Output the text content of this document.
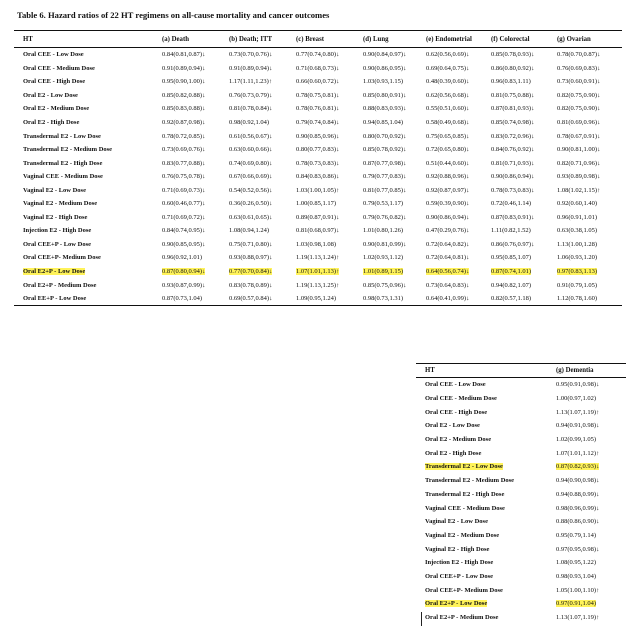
Table 6. Hazard ratios of 22 HT regimens on all-cause mortality and cancer outcomes
HT	(a) Death	(b) Death; ITT	(c) Breast	(d) Lung	(e) Endometrial	(f) Colorectal	(g) Ovarian
Oral CEE - Low Dose	0.84(0.81,0.87)↓	0.73(0.70,0.76)↓	0.77(0.74,0.80)↓	0.90(0.84,0.97)↓	0.62(0.56,0.69)↓	0.85(0.78,0.93)↓	0.78(0.70,0.87)↓
Oral CEE - Medium Dose	0.91(0.89,0.94)↓	0.91(0.89,0.94)↓	0.71(0.68,0.73)↓	0.90(0.86,0.95)↓	0.69(0.64,0.75)↓	0.86(0.80,0.92)↓	0.76(0.69,0.83)↓
Oral CEE - High Dose	0.95(0.90,1.00)↓	1.17(1.11,1.23)↑	0.66(0.60,0.72)↓	1.03(0.93,1.15)	0.48(0.39,0.60)↓	0.96(0.83,1.11)	0.73(0.60,0.91)↓
Oral E2 - Low Dose	0.85(0.82,0.88)↓	0.76(0.73,0.79)↓	0.78(0.75,0.81)↓	0.85(0.80,0.91)↓	0.62(0.56,0.68)↓	0.81(0.75,0.88)↓	0.82(0.75,0.90)↓
Oral E2 - Medium Dose	0.85(0.83,0.88)↓	0.81(0.78,0.84)↓	0.78(0.76,0.81)↓	0.88(0.83,0.93)↓	0.55(0.51,0.60)↓	0.87(0.81,0.93)↓	0.82(0.75,0.90)↓
Oral E2 - High Dose	0.92(0.87,0.98)↓	0.98(0.92,1.04)	0.79(0.74,0.84)↓	0.94(0.85,1.04)	0.58(0.49,0.68)↓	0.85(0.74,0.98)↓	0.81(0.69,0.96)↓
Transdermal E2 - Low Dose	0.78(0.72,0.85)↓	0.61(0.56,0.67)↓	0.90(0.85,0.96)↓	0.80(0.70,0.92)↓	0.75(0.65,0.85)↓	0.83(0.72,0.96)↓	0.78(0.67,0.91)↓
Transdermal E2 - Medium Dose	0.73(0.69,0.76)↓	0.63(0.60,0.66)↓	0.80(0.77,0.83)↓	0.85(0.78,0.92)↓	0.72(0.65,0.80)↓	0.84(0.76,0.92)↓	0.90(0.81,1.00)↓
Transdermal E2 - High Dose	0.83(0.77,0.88)↓	0.74(0.69,0.80)↓	0.78(0.73,0.83)↓	0.87(0.77,0.98)↓	0.51(0.44,0.60)↓	0.81(0.71,0.93)↓	0.82(0.71,0.96)↓
Vaginal CEE - Medium Dose	0.76(0.75,0.78)↓	0.67(0.66,0.69)↓	0.84(0.83,0.86)↓	0.79(0.77,0.83)↓	0.92(0.88,0.96)↓	0.90(0.86,0.94)↓	0.93(0.89,0.98)↓
Vaginal E2 - Low Dose	0.71(0.69,0.73)↓	0.54(0.52,0.56)↓	1.03(1.00,1.05)↑	0.81(0.77,0.85)↓	0.92(0.87,0.97)↓	0.78(0.73,0.83)↓	1.08(1.02,1.15)↑
Vaginal E2 - Medium Dose	0.60(0.46,0.77)↓	0.36(0.26,0.50)↓	1.00(0.85,1.17)	0.79(0.53,1.17)	0.59(0.39,0.90)↓	0.72(0.46,1.14)	0.92(0.60,1.40)
Vaginal E2 - High Dose	0.71(0.69,0.72)↓	0.63(0.61,0.65)↓	0.89(0.87,0.91)↓	0.79(0.76,0.82)↓	0.90(0.86,0.94)↓	0.87(0.83,0.91)↓	0.96(0.91,1.01)
Injection E2 - High Dose	0.84(0.74,0.95)↓	1.08(0.94,1.24)	0.81(0.68,0.97)↓	1.01(0.80,1.26)	0.47(0.29,0.76)↓	1.11(0.82,1.52)	0.63(0.38,1.05)
Oral CEE+P - Low Dose	0.90(0.85,0.95)↓	0.75(0.71,0.80)↓	1.03(0.98,1.08)	0.90(0.81,0.99)↓	0.72(0.64,0.82)↓	0.86(0.76,0.97)↓	1.13(1.00,1.28)
Oral CEE+P- Medium Dose	0.96(0.92,1.01)	0.93(0.88,0.97)↓	1.19(1.13,1.24)↑	1.02(0.93,1.12)	0.72(0.64,0.81)↓	0.95(0.85,1.07)	1.06(0.93,1.20)
Oral E2+P - Low Dose	0.87(0.80,0.94)↓	0.77(0.70,0.84)↓	1.07(1.01,1.13)↑	1.01(0.89,1.15)	0.64(0.56,0.74)↓	0.87(0.74,1.01)	0.97(0.83,1.13)
Oral E2+P - Medium Dose	0.93(0.87,0.99)↓	0.83(0.78,0.89)↓	1.19(1.13,1.25)↑	0.85(0.75,0.96)↓	0.73(0.64,0.83)↓	0.94(0.82,1.07)	0.91(0.79,1.05)
Oral EE+P - Low Dose	0.87(0.73,1.04)	0.69(0.57,0.84)↓	1.09(0.95,1.24)	0.98(0.73,1.31)	0.64(0.41,0.99)↓	0.82(0.57,1.18)	1.12(0.78,1.60)
HT	(g) Dementia
Oral CEE - Low Dose	0.95(0.91,0.98)↓
Oral CEE - Medium Dose	1.00(0.97,1.02)
Oral CEE - High Dose	1.13(1.07,1.19)↑
Oral E2 - Low Dose	0.94(0.91,0.98)↓
Oral E2 - Medium Dose	1.02(0.99,1.05)
Oral E2 - High Dose	1.07(1.01,1.12)↑
Transdermal E2 - Low Dose	0.87(0.82,0.93)↓
Transdermal E2 - Medium Dose	0.94(0.90,0.98)↓
Transdermal E2 - High Dose	0.94(0.88,0.99)↓
Vaginal CEE - Medium Dose	0.98(0.96,0.99)↓
Vaginal E2 - Low Dose	0.88(0.86,0.90)↓
Vaginal E2 - Medium Dose	0.95(0.79,1.14)
Vaginal E2 - High Dose	0.97(0.95,0.98)↓
Injection E2 - High Dose	1.08(0.95,1.22)
Oral CEE+P - Low Dose	0.98(0.93,1.04)
Oral CEE+P- Medium Dose	1.05(1.00,1.10)↑
Oral E2+P - Low Dose	0.97(0.91,1.04)
Oral E2+P - Medium Dose	1.13(1.07,1.19)↑
